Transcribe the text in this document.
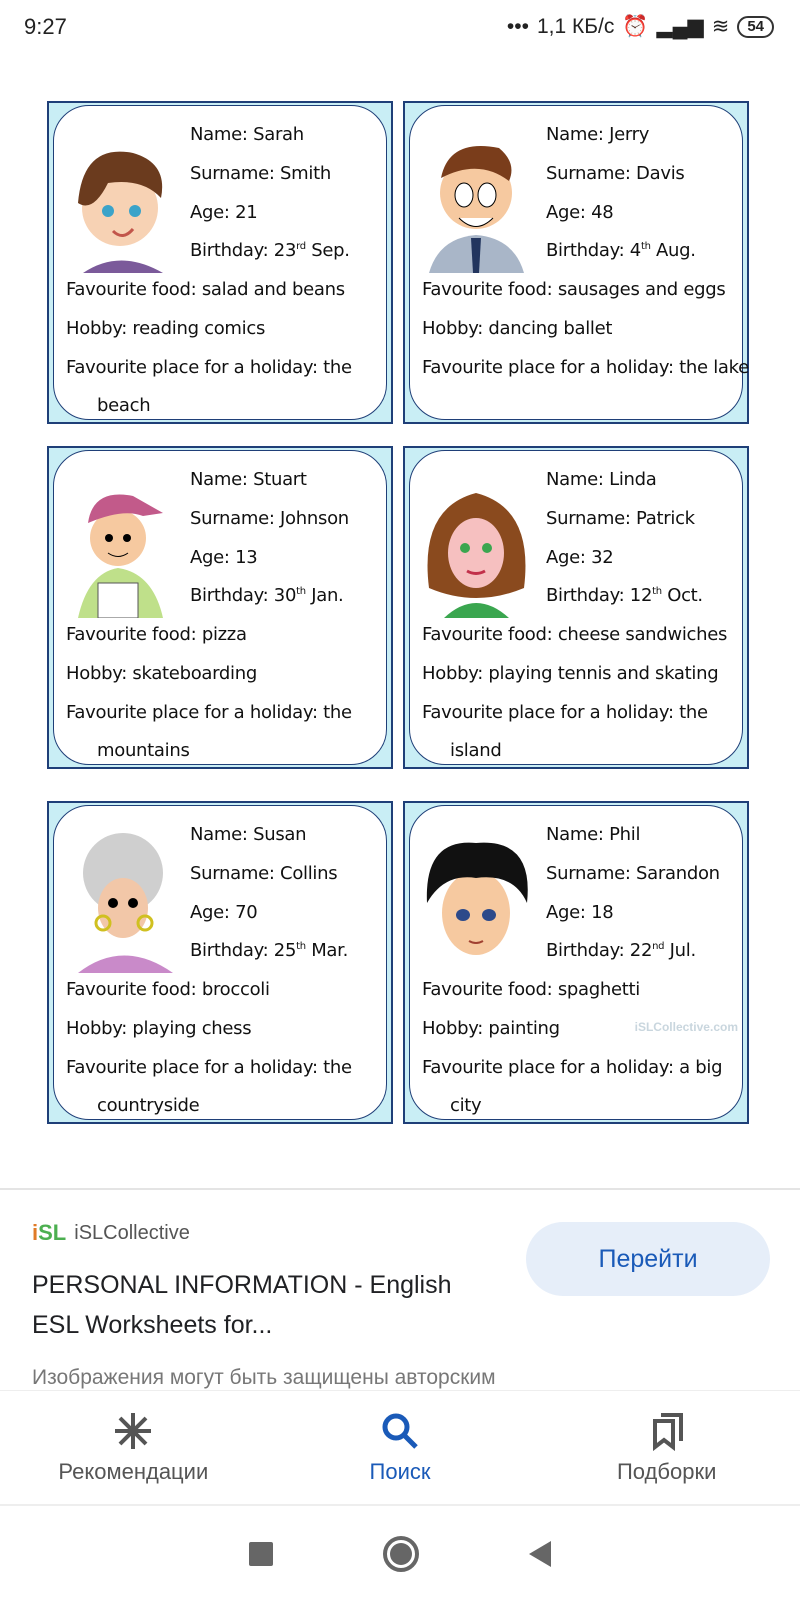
9:27	••• 1,1 КБ/с ⏰ ▂▄▆ ≋	54
Name: Sarah
Surname: Smith
Age: 21
Birthday: 23rd Sep.
Favourite food: salad and beans
Hobby: reading comics
Favourite place for a holiday: the
beach
Name: Jerry
Surname: Davis
Age: 48
Birthday: 4th Aug.
Favourite food: sausages and eggs
Hobby: dancing ballet
Favourite place for a holiday: the lake
Name: Stuart
Surname: Johnson
Age: 13
Birthday: 30th Jan.
Favourite food: pizza
Hobby: skateboarding
Favourite place for a holiday: the
mountains
Name: Linda
Surname: Patrick
Age: 32
Birthday: 12th Oct.
Favourite food: cheese sandwiches
Hobby: playing tennis and skating
Favourite place for a holiday: the
island
Name: Susan
Surname: Collins
Age: 70
Birthday: 25th Mar.
Favourite food: broccoli
Hobby: playing chess
Favourite place for a holiday: the
countryside
Name: Phil
Surname: Sarandon
Age: 18
Birthday: 22nd Jul.
Favourite food: spaghetti
Hobby: painting
Favourite place for a holiday: a big
city
iSLCollective.com
iSL iSLCollective
PERSONAL INFORMATION - English ESL Worksheets for...
Перейти
Изображения могут быть защищены авторским
Рекомендации	Поиск	Подборки
